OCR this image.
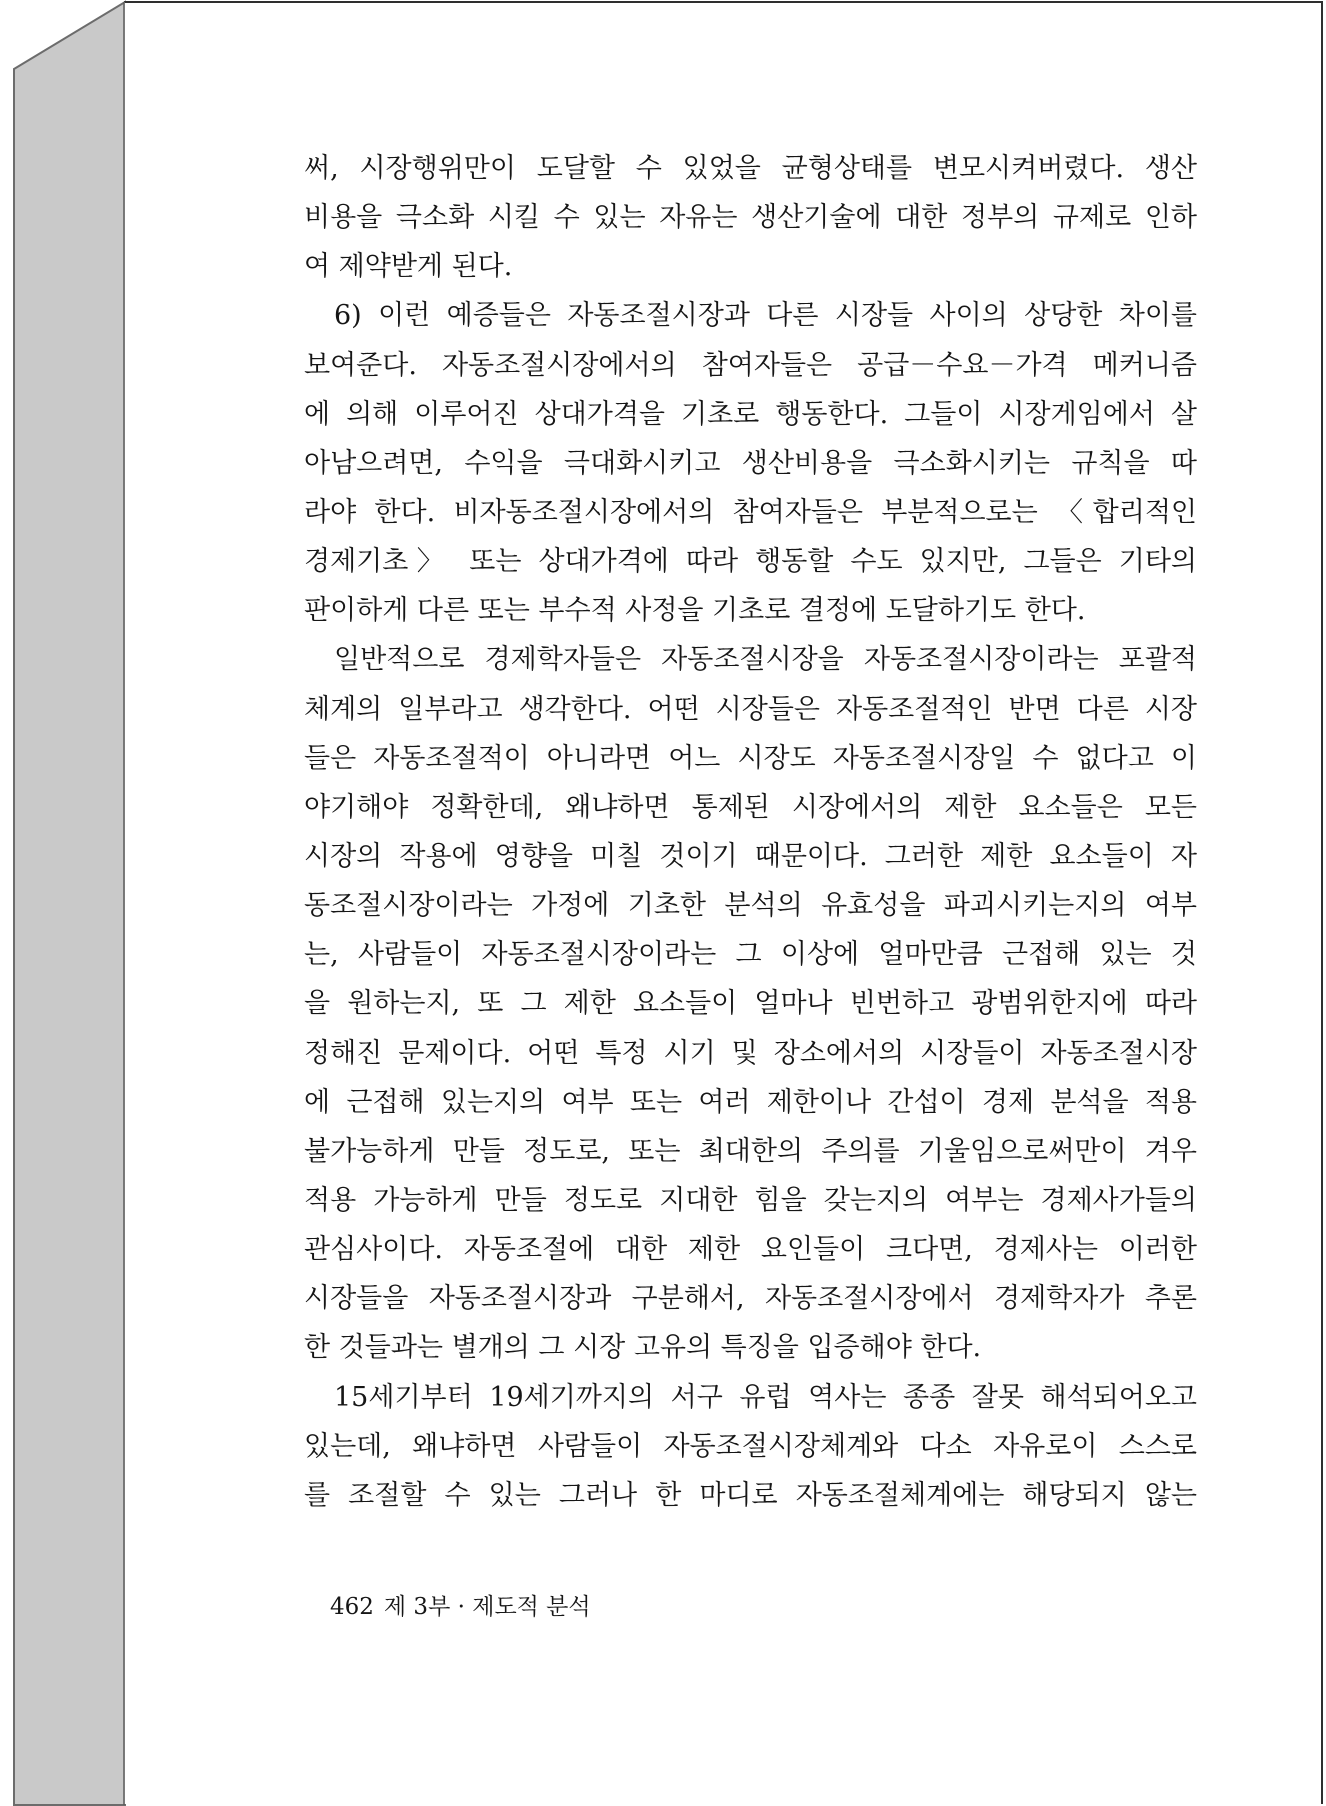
써, 시장행위만이 도달할 수 있었을 균형상태를 변모시켜버렸다. 생산
비용을 극소화 시킬 수 있는 자유는 생산기술에 대한 정부의 규제로 인하
여 제약받게 된다.
6) 이런 예증들은 자동조절시장과 다른 시장들 사이의 상당한 차이를
보여준다. 자동조절시장에서의 참여자들은 공급－수요－가격 메커니즘
에 의해 이루어진 상대가격을 기초로 행동한다. 그들이 시장게임에서 살
아남으려면, 수익을 극대화시키고 생산비용을 극소화시키는 규칙을 따
라야 한다. 비자동조절시장에서의 참여자들은 부분적으로는 〈합리적인
경제기초〉 또는 상대가격에 따라 행동할 수도 있지만, 그들은 기타의
판이하게 다른 또는 부수적 사정을 기초로 결정에 도달하기도 한다.
일반적으로 경제학자들은 자동조절시장을 자동조절시장이라는 포괄적
체계의 일부라고 생각한다. 어떤 시장들은 자동조절적인 반면 다른 시장
들은 자동조절적이 아니라면 어느 시장도 자동조절시장일 수 없다고 이
야기해야 정확한데, 왜냐하면 통제된 시장에서의 제한 요소들은 모든
시장의 작용에 영향을 미칠 것이기 때문이다. 그러한 제한 요소들이 자
동조절시장이라는 가정에 기초한 분석의 유효성을 파괴시키는지의 여부
는, 사람들이 자동조절시장이라는 그 이상에 얼마만큼 근접해 있는 것
을 원하는지, 또 그 제한 요소들이 얼마나 빈번하고 광범위한지에 따라
정해진 문제이다. 어떤 특정 시기 및 장소에서의 시장들이 자동조절시장
에 근접해 있는지의 여부 또는 여러 제한이나 간섭이 경제 분석을 적용
불가능하게 만들 정도로, 또는 최대한의 주의를 기울임으로써만이 겨우
적용 가능하게 만들 정도로 지대한 힘을 갖는지의 여부는 경제사가들의
관심사이다. 자동조절에 대한 제한 요인들이 크다면, 경제사는 이러한
시장들을 자동조절시장과 구분해서, 자동조절시장에서 경제학자가 추론
한 것들과는 별개의 그 시장 고유의 특징을 입증해야 한다.
15세기부터 19세기까지의 서구 유럽 역사는 종종 잘못 해석되어오고
있는데, 왜냐하면 사람들이 자동조절시장체계와 다소 자유로이 스스로
를 조절할 수 있는 그러나 한 마디로 자동조절체계에는 해당되지 않는
462 제 3부 · 제도적 분석
